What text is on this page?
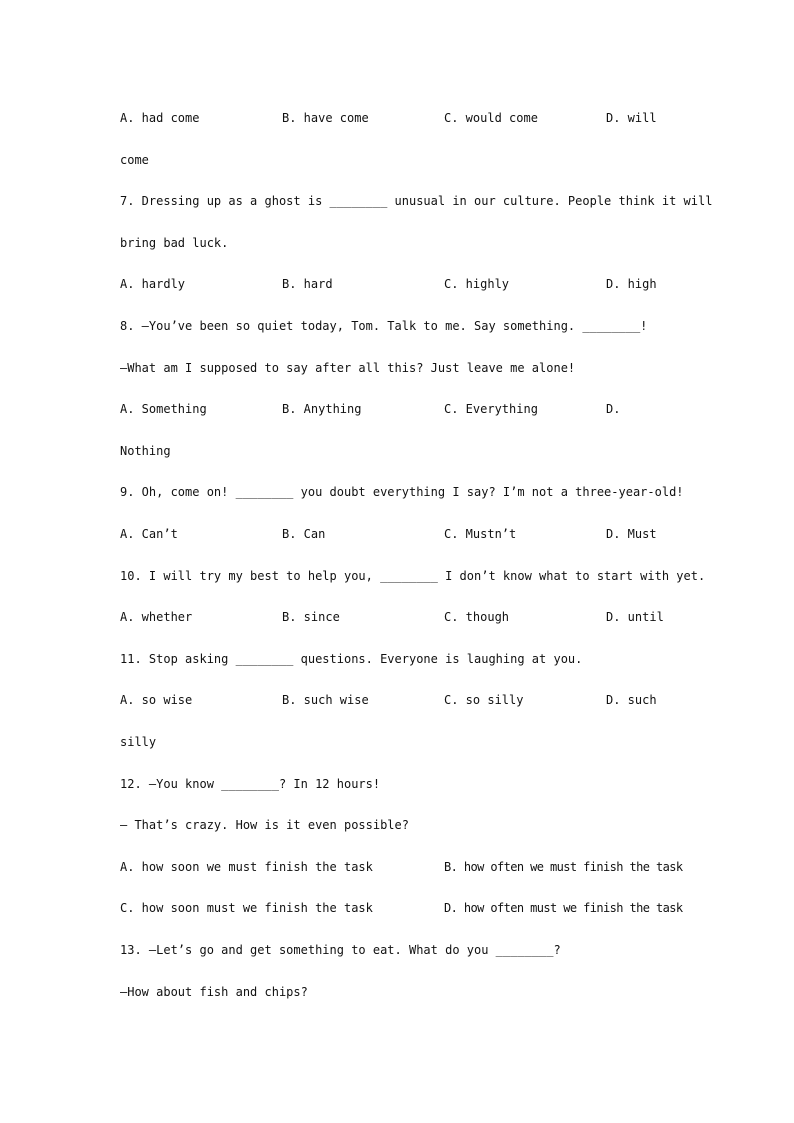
A. had come	B. have come	C. would come	D. will
come
7. Dressing up as a ghost is ________ unusual in our culture. People think it will
bring bad luck.
A. hardly	B. hard	C. highly	D. high
8. —You’ve been so quiet today, Tom. Talk to me. Say something. ________!
—What am I supposed to say after all this? Just leave me alone!
A. Something	B. Anything	C. Everything	D.
Nothing
9. Oh, come on! ________ you doubt everything I say? I’m not a three-year-old!
A. Can’t	B. Can	C. Mustn’t	D. Must
10. I will try my best to help you, ________ I don’t know what to start with yet.
A. whether	B. since	C. though	D. until
11. Stop asking ________ questions. Everyone is laughing at you.
A. so wise	B. such wise	C. so silly	D. such
silly
12. —You know ________? In 12 hours!
— That’s crazy. How is it even possible?
A. how soon we must finish the task	B. how often we must finish the task
C. how soon must we finish the task	D. how often must we finish the task
13. —Let’s go and get something to eat. What do you ________?
—How about fish and chips?
